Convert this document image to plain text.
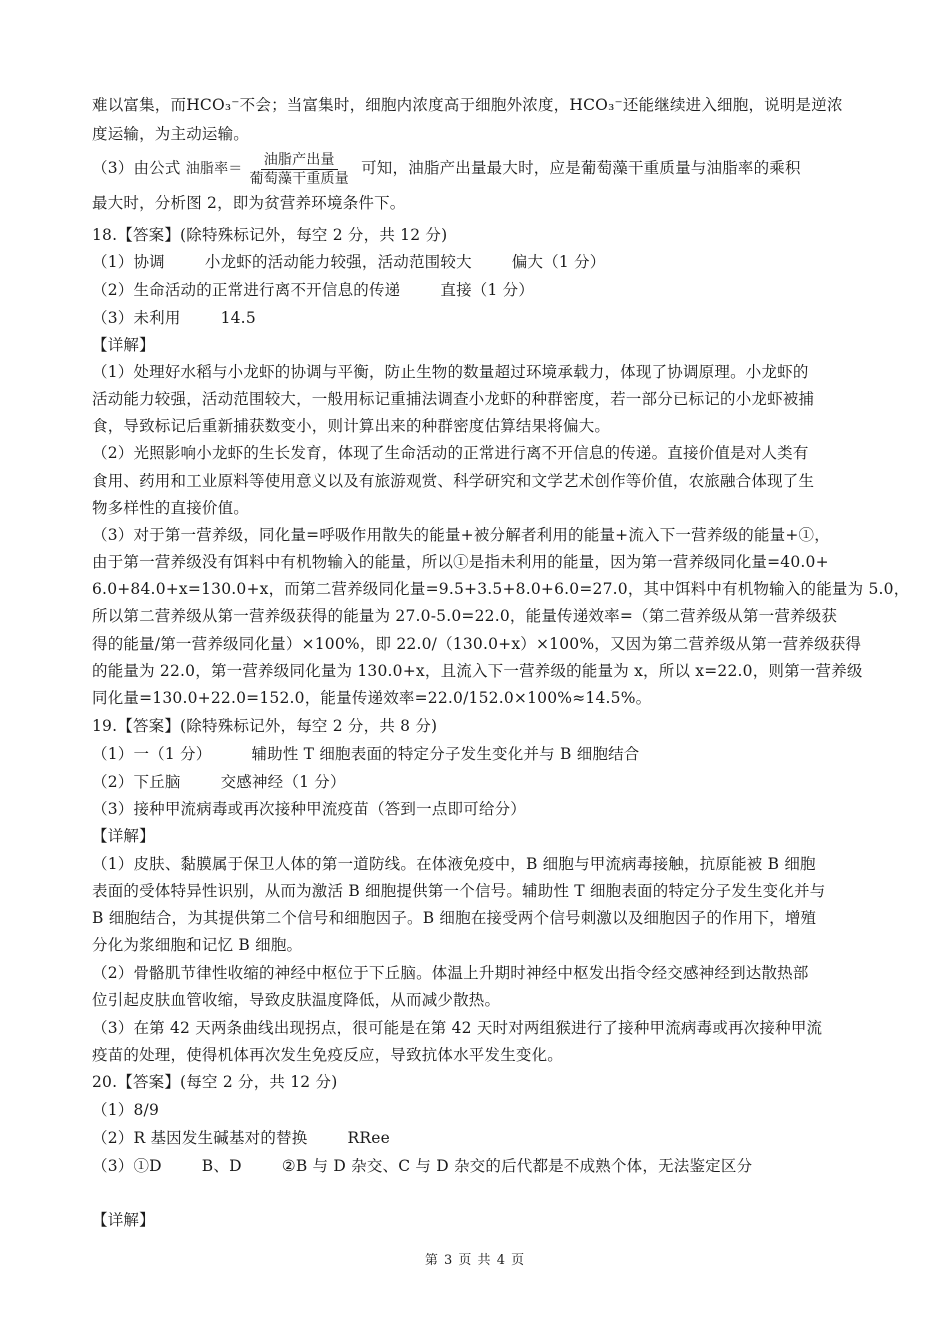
难以富集，而HCO₃⁻不会；当富集时，细胞内浓度高于细胞外浓度，HCO₃⁻还能继续进入细胞，说明是逆浓
度运输，为主动运输。
（3）由公式 油脂率＝ $\frac{\text{油脂产出量}}{\text{葡萄藻干重质量}}$ 可知，油脂产出量最大时，应是葡萄藻干重质量与油脂率的乘积
最大时，分析图 2，即为贫营养环境条件下。
18.【答案】(除特殊标记外，每空 2 分，共 12 分)
（1）协调	小龙虾的活动能力较强，活动范围较大	偏大（1 分）
（2）生命活动的正常进行离不开信息的传递	直接（1 分）
（3）未利用	14.5
【详解】
（1）处理好水稻与小龙虾的协调与平衡，防止生物的数量超过环境承载力，体现了协调原理。小龙虾的
活动能力较强，活动范围较大，一般用标记重捕法调查小龙虾的种群密度，若一部分已标记的小龙虾被捕
食，导致标记后重新捕获数变小，则计算出来的种群密度估算结果将偏大。
（2）光照影响小龙虾的生长发育，体现了生命活动的正常进行离不开信息的传递。直接价值是对人类有
食用、药用和工业原料等使用意义以及有旅游观赏、科学研究和文学艺术创作等价值，农旅融合体现了生
物多样性的直接价值。
（3）对于第一营养级，同化量=呼吸作用散失的能量+被分解者利用的能量+流入下一营养级的能量+①，
由于第一营养级没有饵料中有机物输入的能量，所以①是指未利用的能量，因为第一营养级同化量=40.0+
6.0+84.0+x=130.0+x，而第二营养级同化量=9.5+3.5+8.0+6.0=27.0，其中饵料中有机物输入的能量为 5.0，
所以第二营养级从第一营养级获得的能量为 27.0-5.0=22.0，能量传递效率=（第二营养级从第一营养级获
得的能量/第一营养级同化量）×100%，即 22.0/（130.0+x）×100%，又因为第二营养级从第一营养级获得
的能量为 22.0，第一营养级同化量为 130.0+x，且流入下一营养级的能量为 x，所以 x=22.0，则第一营养级
同化量=130.0+22.0=152.0，能量传递效率=22.0/152.0×100%≈14.5%。
19.【答案】(除特殊标记外，每空 2 分，共 8 分)
（1）一（1 分）	辅助性 T 细胞表面的特定分子发生变化并与 B 细胞结合
（2）下丘脑	交感神经（1 分）
（3）接种甲流病毒或再次接种甲流疫苗（答到一点即可给分）
【详解】
（1）皮肤、黏膜属于保卫人体的第一道防线。在体液免疫中，B 细胞与甲流病毒接触，抗原能被 B 细胞
表面的受体特异性识别，从而为激活 B 细胞提供第一个信号。辅助性 T 细胞表面的特定分子发生变化并与
B 细胞结合，为其提供第二个信号和细胞因子。B 细胞在接受两个信号刺激以及细胞因子的作用下，增殖
分化为浆细胞和记忆 B 细胞。
（2）骨骼肌节律性收缩的神经中枢位于下丘脑。体温上升期时神经中枢发出指令经交感神经到达散热部
位引起皮肤血管收缩，导致皮肤温度降低，从而减少散热。
（3）在第 42 天两条曲线出现拐点，很可能是在第 42 天时对两组猴进行了接种甲流病毒或再次接种甲流
疫苗的处理，使得机体再次发生免疫反应，导致抗体水平发生变化。
20.【答案】(每空 2 分，共 12 分)
（1）8/9
（2）R 基因发生碱基对的替换	RRee
（3）①D	B、D	②B 与 D 杂交、C 与 D 杂交的后代都是不成熟个体，无法鉴定区分
【详解】
第 3 页 共 4 页
